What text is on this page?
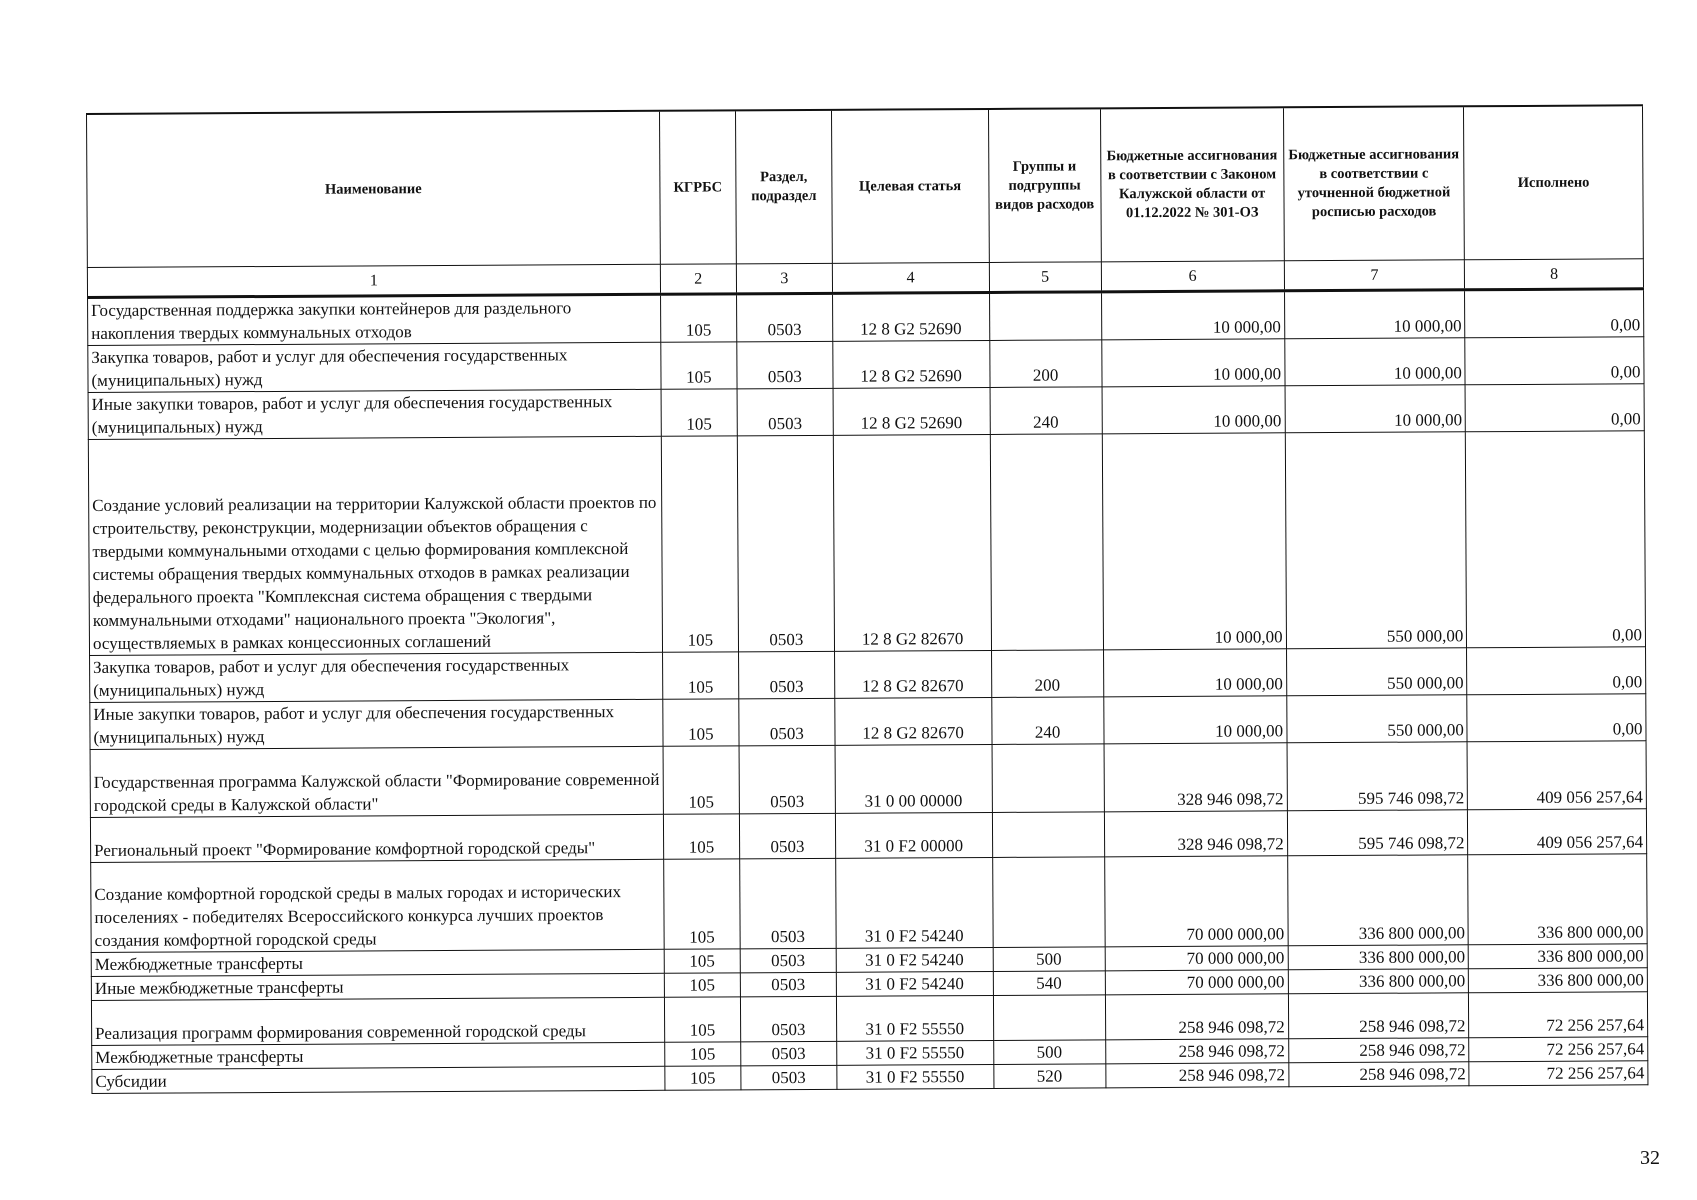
Наименование	КГРБС	Раздел, подраздел	Целевая статья	Группы и подгруппы видов расходов	Бюджетные ассигнования в соответствии с Законом Калужской области от 01.12.2022 № 301-ОЗ	Бюджетные ассигнования в соответствии с уточненной бюджетной росписью расходов	Исполнено
1	2	3	4	5	6	7	8
Государственная поддержка закупки контейнеров для раздельного накопления твердых коммунальных отходов	105	0503	12 8 G2 52690		10 000,00	10 000,00	0,00
Закупка товаров, работ и услуг для обеспечения государственных (муниципальных) нужд	105	0503	12 8 G2 52690	200	10 000,00	10 000,00	0,00
Иные закупки товаров, работ и услуг для обеспечения государственных (муниципальных) нужд	105	0503	12 8 G2 52690	240	10 000,00	10 000,00	0,00
Создание условий реализации на территории Калужской области проектов по строительству, реконструкции, модернизации объектов обращения с твердыми коммунальными отходами с целью формирования комплексной системы обращения твердых коммунальных отходов в рамках реализации федерального проекта "Комплексная система обращения с твердыми коммунальными отходами" национального проекта "Экология", осуществляемых в рамках концессионных соглашений	105	0503	12 8 G2 82670		10 000,00	550 000,00	0,00
Закупка товаров, работ и услуг для обеспечения государственных (муниципальных) нужд	105	0503	12 8 G2 82670	200	10 000,00	550 000,00	0,00
Иные закупки товаров, работ и услуг для обеспечения государственных (муниципальных) нужд	105	0503	12 8 G2 82670	240	10 000,00	550 000,00	0,00
Государственная программа Калужской области "Формирование современной городской среды в Калужской области"	105	0503	31 0 00 00000		328 946 098,72	595 746 098,72	409 056 257,64
Региональный проект "Формирование комфортной городской среды"	105	0503	31 0 F2 00000		328 946 098,72	595 746 098,72	409 056 257,64
Создание комфортной городской среды в малых городах и исторических поселениях - победителях Всероссийского конкурса лучших проектов создания комфортной городской среды	105	0503	31 0 F2 54240		70 000 000,00	336 800 000,00	336 800 000,00
Межбюджетные трансферты	105	0503	31 0 F2 54240	500	70 000 000,00	336 800 000,00	336 800 000,00
Иные межбюджетные трансферты	105	0503	31 0 F2 54240	540	70 000 000,00	336 800 000,00	336 800 000,00
Реализация программ формирования современной городской среды	105	0503	31 0 F2 55550		258 946 098,72	258 946 098,72	72 256 257,64
Межбюджетные трансферты	105	0503	31 0 F2 55550	500	258 946 098,72	258 946 098,72	72 256 257,64
Субсидии	105	0503	31 0 F2 55550	520	258 946 098,72	258 946 098,72	72 256 257,64
32
